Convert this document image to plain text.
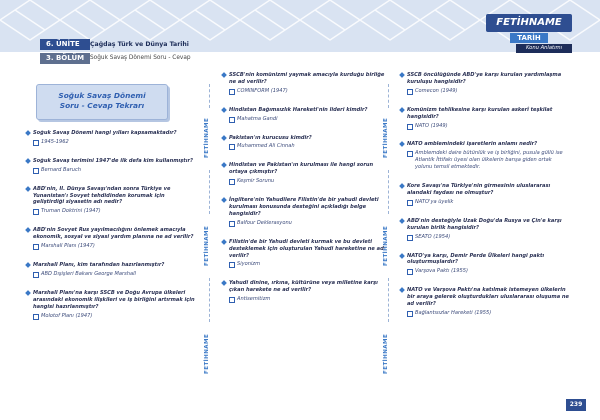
6. ÜNİTE	Çağdaş Türk ve Dünya Tarihi
3. BÖLÜM	Soğuk Savaş Dönemi Soru - Cevap
FETİHNAME
TARİH
Konu Anlatımı
Soğuk Savaş Dönemi
Soru - Cevap Tekrarı
FETİHNAME
FETİHNAME
FETİHNAME
FETİHNAME
FETİHNAME
FETİHNAME

Soğuk Savaş Dönemi hangi yılları kapsamaktadır?

1945-1962

Soğuk Savaş terimini 1947'de ilk defa kim kullanmıştır?

Bernard Baruch

ABD'nin, II. Dünya Savaşı'ndan sonra Türkiye ve Yunanistan'ı Sovyet tehdidinden korumak için geliştirdiği siyasetin adı nedir?

Truman Doktrini (1947)

ABD'nin Sovyet Rus yayılmacılığını önlemek amacıyla ekonomik, sosyal ve siyasi yardım planına ne ad verilir?

Marshall Planı (1947)

Marshall Planı, kim tarafından hazırlanmıştır?

ABD Dışişleri Bakanı George Marshall

Marshall Planı'na karşı SSCB ve Doğu Avrupa ülkeleri arasındaki ekonomik ilişkileri ve iş birliğini artırmak için hangisi hazırlanmıştır?

Molotof Planı (1947)

SSCB'nin komünizmi yaymak amacıyla kurduğu birliğe ne ad verilir?

COMINFORM (1947)

Hindistan Bağımsızlık Hareketi'nin lideri kimdir?

Mahatma Gandi

Pakistan'ın kurucusu kimdir?

Muhammed Ali Cinnah

Hindistan ve Pakistan'ın kurulması ile hangi sorun ortaya çıkmıştır?

Keşmir Sorunu

İngiltere'nin Yahudilere Filistin'de bir yahudi devleti kurulması konusunda desteğini açıkladığı belge hangisidir?

Balfour Deklerasyonu

Filistin'de bir Yahudi devleti kurmak ve bu devleti desteklemek için oluşturulan Yahudi hareketine ne ad verilir?

Siyonizm

Yahudi dinine, ırkına, kültürüne veya milletine karşı çıkan harekete ne ad verilir?

Antisemitizm

SSCB öncülüğünde ABD'ye karşı kurulan yardımlaşma kuruluşu hangisidir?

Comecon (1949)

Komünizm tehlikesine karşı kurulan askerî teşkilat hangisidir?

NATO (1949)

NATO amblemindeki işaretlerin anlamı nedir?

Amblemdeki daire bütünlük ve iş birliğini, pusula güllü ise Atlantik İttifakı üyesi olan ülkelerin barışa giden ortak yolunu temsil etmektedir.

Kore Savaşı'na Türkiye'nin girmesinin uluslararası alandaki faydası ne olmuştur?

NATO'ya üyelik

ABD'nin desteğiyle Uzak Doğu'da Rusya ve Çin'e karşı kurulan birlik hangisidir?

SEATO (1954)

NATO'ya karşı, Demir Perde Ülkeleri hangi paktı oluşturmuşlardır?

Varşova Paktı (1955)

NATO ve Varşova Paktı'na katılmak istemeyen ülkelerin bir araya gelerek oluşturdukları uluslararası oluşuma ne ad verilir?

Bağlantısızlar Hareketi (1955)

239
